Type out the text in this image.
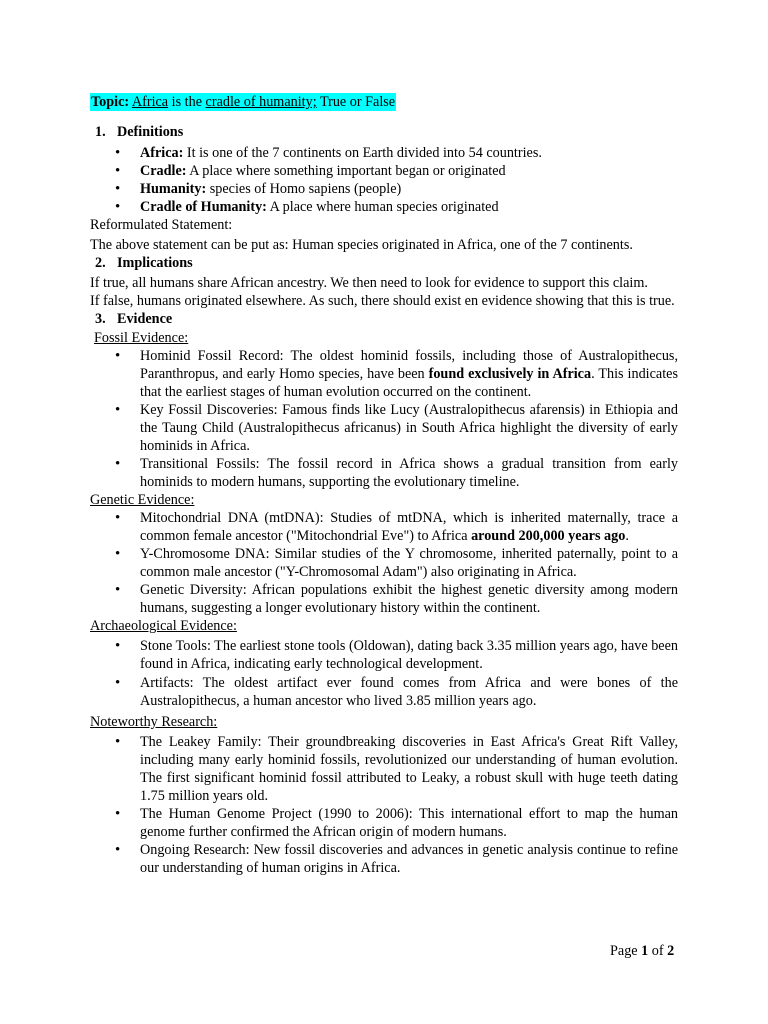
Topic: Africa is the cradle of humanity; True or False
1. Definitions
• Africa: It is one of the 7 continents on Earth divided into 54 countries.
• Cradle: A place where something important began or originated
• Humanity: species of Homo sapiens (people)
• Cradle of Humanity: A place where human species originated
Reformulated Statement:
The above statement can be put as: Human species originated in Africa, one of the 7 continents.
2. Implications
If true, all humans share African ancestry. We then need to look for evidence to support this claim.
If false, humans originated elsewhere. As such, there should exist en evidence showing that this is true.
3. Evidence
Fossil Evidence:
• Hominid Fossil Record: The oldest hominid fossils, including those of Australopithecus, Paranthropus, and early Homo species, have been found exclusively in Africa. This indicates that the earliest stages of human evolution occurred on the continent.
• Key Fossil Discoveries: Famous finds like Lucy (Australopithecus afarensis) in Ethiopia and the Taung Child (Australopithecus africanus) in South Africa highlight the diversity of early hominids in Africa.
• Transitional Fossils: The fossil record in Africa shows a gradual transition from early hominids to modern humans, supporting the evolutionary timeline.
Genetic Evidence:
• Mitochondrial DNA (mtDNA): Studies of mtDNA, which is inherited maternally, trace a common female ancestor ("Mitochondrial Eve") to Africa around 200,000 years ago.
• Y-Chromosome DNA: Similar studies of the Y chromosome, inherited paternally, point to a common male ancestor ("Y-Chromosomal Adam") also originating in Africa.
• Genetic Diversity: African populations exhibit the highest genetic diversity among modern humans, suggesting a longer evolutionary history within the continent.
Archaeological Evidence:
• Stone Tools: The earliest stone tools (Oldowan), dating back 3.35 million years ago, have been found in Africa, indicating early technological development.
• Artifacts: The oldest artifact ever found comes from Africa and were bones of the Australopithecus, a human ancestor who lived 3.85 million years ago.
Noteworthy Research:
• The Leakey Family: Their groundbreaking discoveries in East Africa's Great Rift Valley, including many early hominid fossils, revolutionized our understanding of human evolution. The first significant hominid fossil attributed to Leaky, a robust skull with huge teeth dating 1.75 million years old.
• The Human Genome Project (1990 to 2006): This international effort to map the human genome further confirmed the African origin of modern humans.
• Ongoing Research: New fossil discoveries and advances in genetic analysis continue to refine our understanding of human origins in Africa.
Page 1 of 2
